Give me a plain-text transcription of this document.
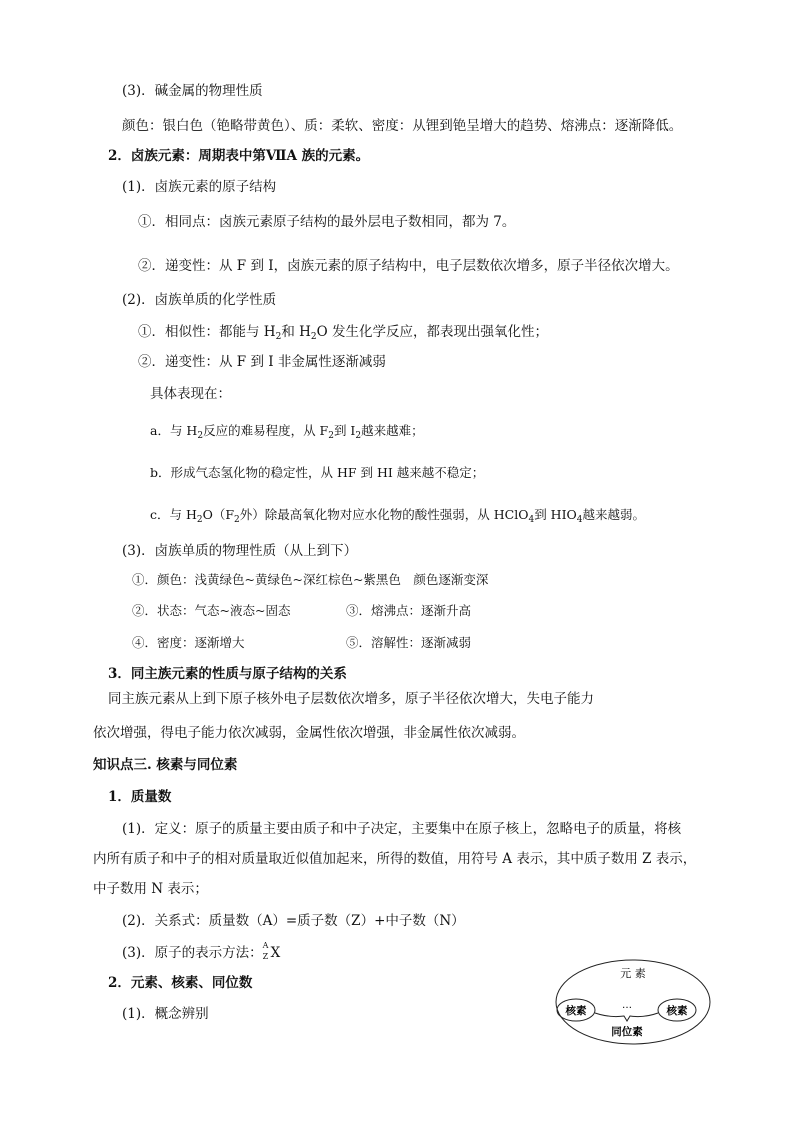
(3)．碱金属的物理性质
颜色：银白色（铯略带黄色）、质：柔软、密度：从锂到铯呈增大的趋势、熔沸点：逐渐降低。
2．卤族元素：周期表中第ⅦA 族的元素。
(1)．卤族元素的原子结构
①．相同点：卤族元素原子结构的最外层电子数相同，都为 7。
②．递变性：从 F 到 I，卤族元素的原子结构中，电子层数依次增多，原子半径依次增大。
(2)．卤族单质的化学性质
①．相似性：都能与 $H_2$和 $H_2O$ 发生化学反应，都表现出强氧化性；
②．递变性：从 F 到 I 非金属性逐渐减弱
具体表现在：
a．与 $H_2$反应的难易程度，从 $F_2$到 $I_2$越来越难；
b．形成气态氢化物的稳定性，从 HF 到 HI 越来越不稳定；
c．与 $H_2O(F_2$外）除最高氧化物对应水化物的酸性强弱，从 HClO$_4$到 $HIO_4$越来越弱。
(3)．卤族单质的物理性质（从上到下）
①．颜色：浅黄绿色~黄绿色~深红棕色~紫黑色　颜色逐渐变深
②．状态：气态~液态~固态	③．熔沸点：逐渐升高
④．密度：逐渐增大	⑤．溶解性：逐渐减弱
3．同主族元素的性质与原子结构的关系
同主族元素从上到下原子核外电子层数依次增多，原子半径依次增大，失电子能力
依次增强，得电子能力依次减弱，金属性依次增强，非金属性依次减弱。
知识点三. 核素与同位素
1．质量数
(1)．定义：原子的质量主要由质子和中子决定，主要集中在原子核上，忽略电子的质量，将核
内所有质子和中子的相对质量取近似值加起来，所得的数值，用符号 A 表示，其中质子数用 Z 表示，
中子数用 N 表示；
(2)．关系式：质量数（A）=质子数（Z）+中子数（N）
(3)．原子的表示方法： A
Z X
2．元素、核素、同位数
(1)．概念辨别
元 素
核素	核素
…
同位素
